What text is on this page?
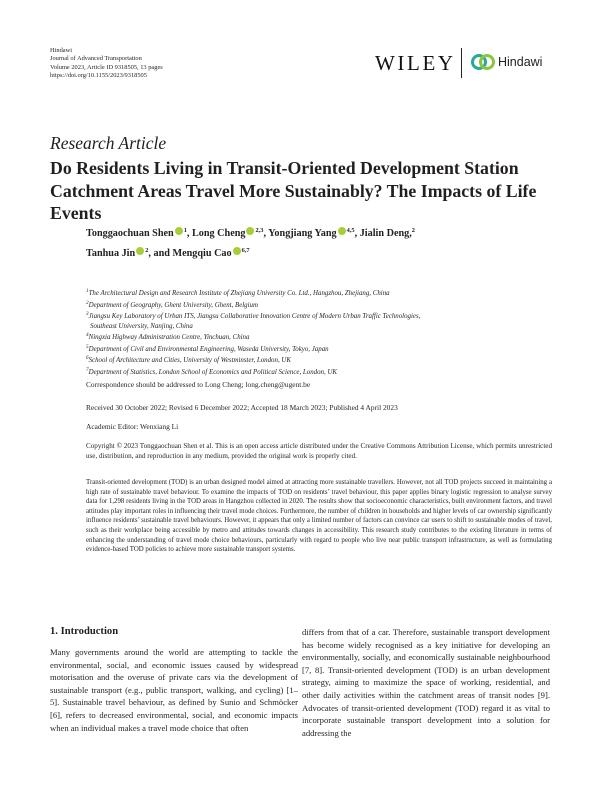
Hindawi
Journal of Advanced Transportation
Volume 2023, Article ID 9318505, 13 pages
https://doi.org/10.1155/2023/9318505
WILEY	Hindawi
Research Article
Do Residents Living in Transit-Oriented Development Station Catchment Areas Travel More Sustainably? The Impacts of Life Events
Tonggaochuan Shen $^1$, Long Cheng $^{2,3}$, Yongjiang Yang $^{4,5}$, Jialin Deng,$^2$
Tanhua Jin $^2$, and Mengqiu Cao $^{6,7}$
$^1$The Architectural Design and Research Institute of Zhejiang University Co. Ltd., Hangzhou, Zhejiang, China
$^2$Department of Geography, Ghent University, Ghent, Belgium
$^3$Jiangsu Key Laboratory of Urban ITS, Jiangsu Collaborative Innovation Centre of Modern Urban Traffic Technologies,
Southeast University, Nanjing, China
$^4$Ningxia Highway Administration Centre, Yinchuan, China
$^5$Department of Civil and Environmental Engineering, Waseda University, Tokyo, Japan
$^6$School of Architecture and Cities, University of Westminster, London, UK
$^7$Department of Statistics, London School of Economics and Political Science, London, UK
Correspondence should be addressed to Long Cheng; long.cheng@ugent.be
Received 30 October 2022; Revised 6 December 2022; Accepted 18 March 2023; Published 4 April 2023
Academic Editor: Wenxiang Li
Copyright © 2023 Tonggaochuan Shen et al. This is an open access article distributed under the Creative Commons Attribution License, which permits unrestricted use, distribution, and reproduction in any medium, provided the original work is properly cited.
Transit-oriented development (TOD) is an urban designed model aimed at attracting more sustainable travellers. However, not all TOD projects succeed in maintaining a high rate of sustainable travel behaviour. To examine the impacts of TOD on residents’ travel behaviour, this paper applies binary logistic regression to analyse survey data for 1,298 residents living in the TOD areas in Hangzhou collected in 2020. The results show that socioeconomic characteristics, built environment factors, and travel attitudes play important roles in influencing their travel mode choices. Furthermore, the number of children in households and higher levels of car ownership significantly influence residents’ sustainable travel behaviours. However, it appears that only a limited number of factors can convince car users to shift to sustainable modes of travel, such as their workplace being accessible by metro and attitudes towards changes in accessibility. This research study contributes to the existing literature in terms of enhancing the understanding of travel mode choice behaviours, particularly with regard to people who live near public transport infrastructure, as well as formulating evidence-based TOD policies to achieve more sustainable transport systems.
1. Introduction
Many governments around the world are attempting to tackle the environmental, social, and economic issues caused by widespread motorisation and the overuse of private cars via the development of sustainable transport (e.g., public transport, walking, and cycling) [1–5]. Sustainable travel behaviour, as defined by Sunio and Schmöcker [6], refers to decreased environmental, social, and economic impacts when an individual makes a travel mode choice that often
differs from that of a car. Therefore, sustainable transport development has become widely recognised as a key initiative for developing an environmentally, socially, and economically sustainable neighbourhood [7, 8]. Transit-oriented development (TOD) is an urban development strategy, aiming to maximize the space of working, residential, and other daily activities within the catchment areas of transit nodes [9]. Advocates of transit-oriented development (TOD) regard it as vital to incorporate sustainable transport development into a solution for addressing the
